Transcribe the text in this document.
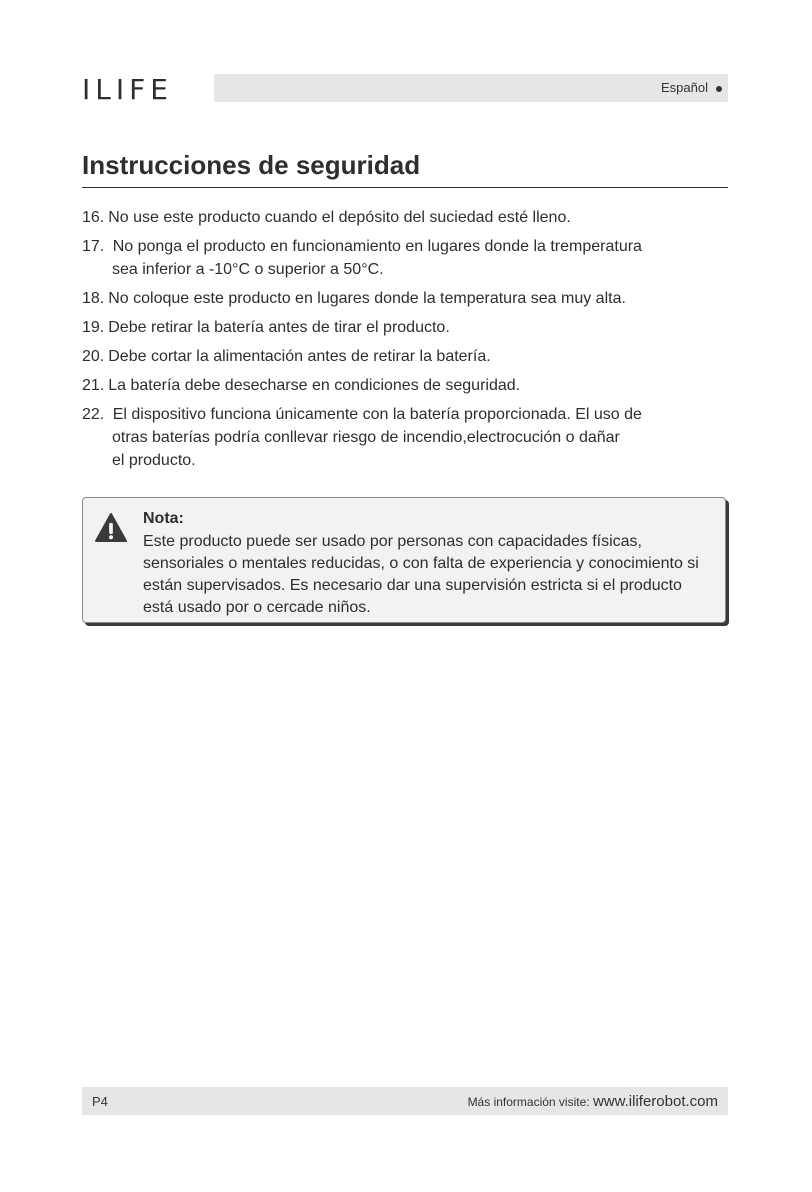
ILIFE	Español
Instrucciones de seguridad
16. No use este producto cuando el depósito del suciedad esté lleno.
17. No ponga el producto en funcionamiento en lugares donde la tremperatura
sea inferior a -10°C o superior a 50°C.
18. No coloque este producto en lugares donde la temperatura sea muy alta.
19. Debe retirar la batería antes de tirar el producto.
20. Debe cortar la alimentación antes de retirar la batería.
21. La batería debe desecharse en condiciones de seguridad.
22. El dispositivo funciona únicamente con la batería proporcionada. El uso de
otras baterías podría conllevar riesgo de incendio,electrocución o dañar
el producto.
Nota:
Este producto puede ser usado por personas con capacidades físicas, sensoriales o mentales reducidas, o con falta de experiencia y conocimiento si están supervisados. Es necesario dar una supervisión estricta si el producto está usado por o cercade niños.
P4	Más información visite: www.iliferobot.com
